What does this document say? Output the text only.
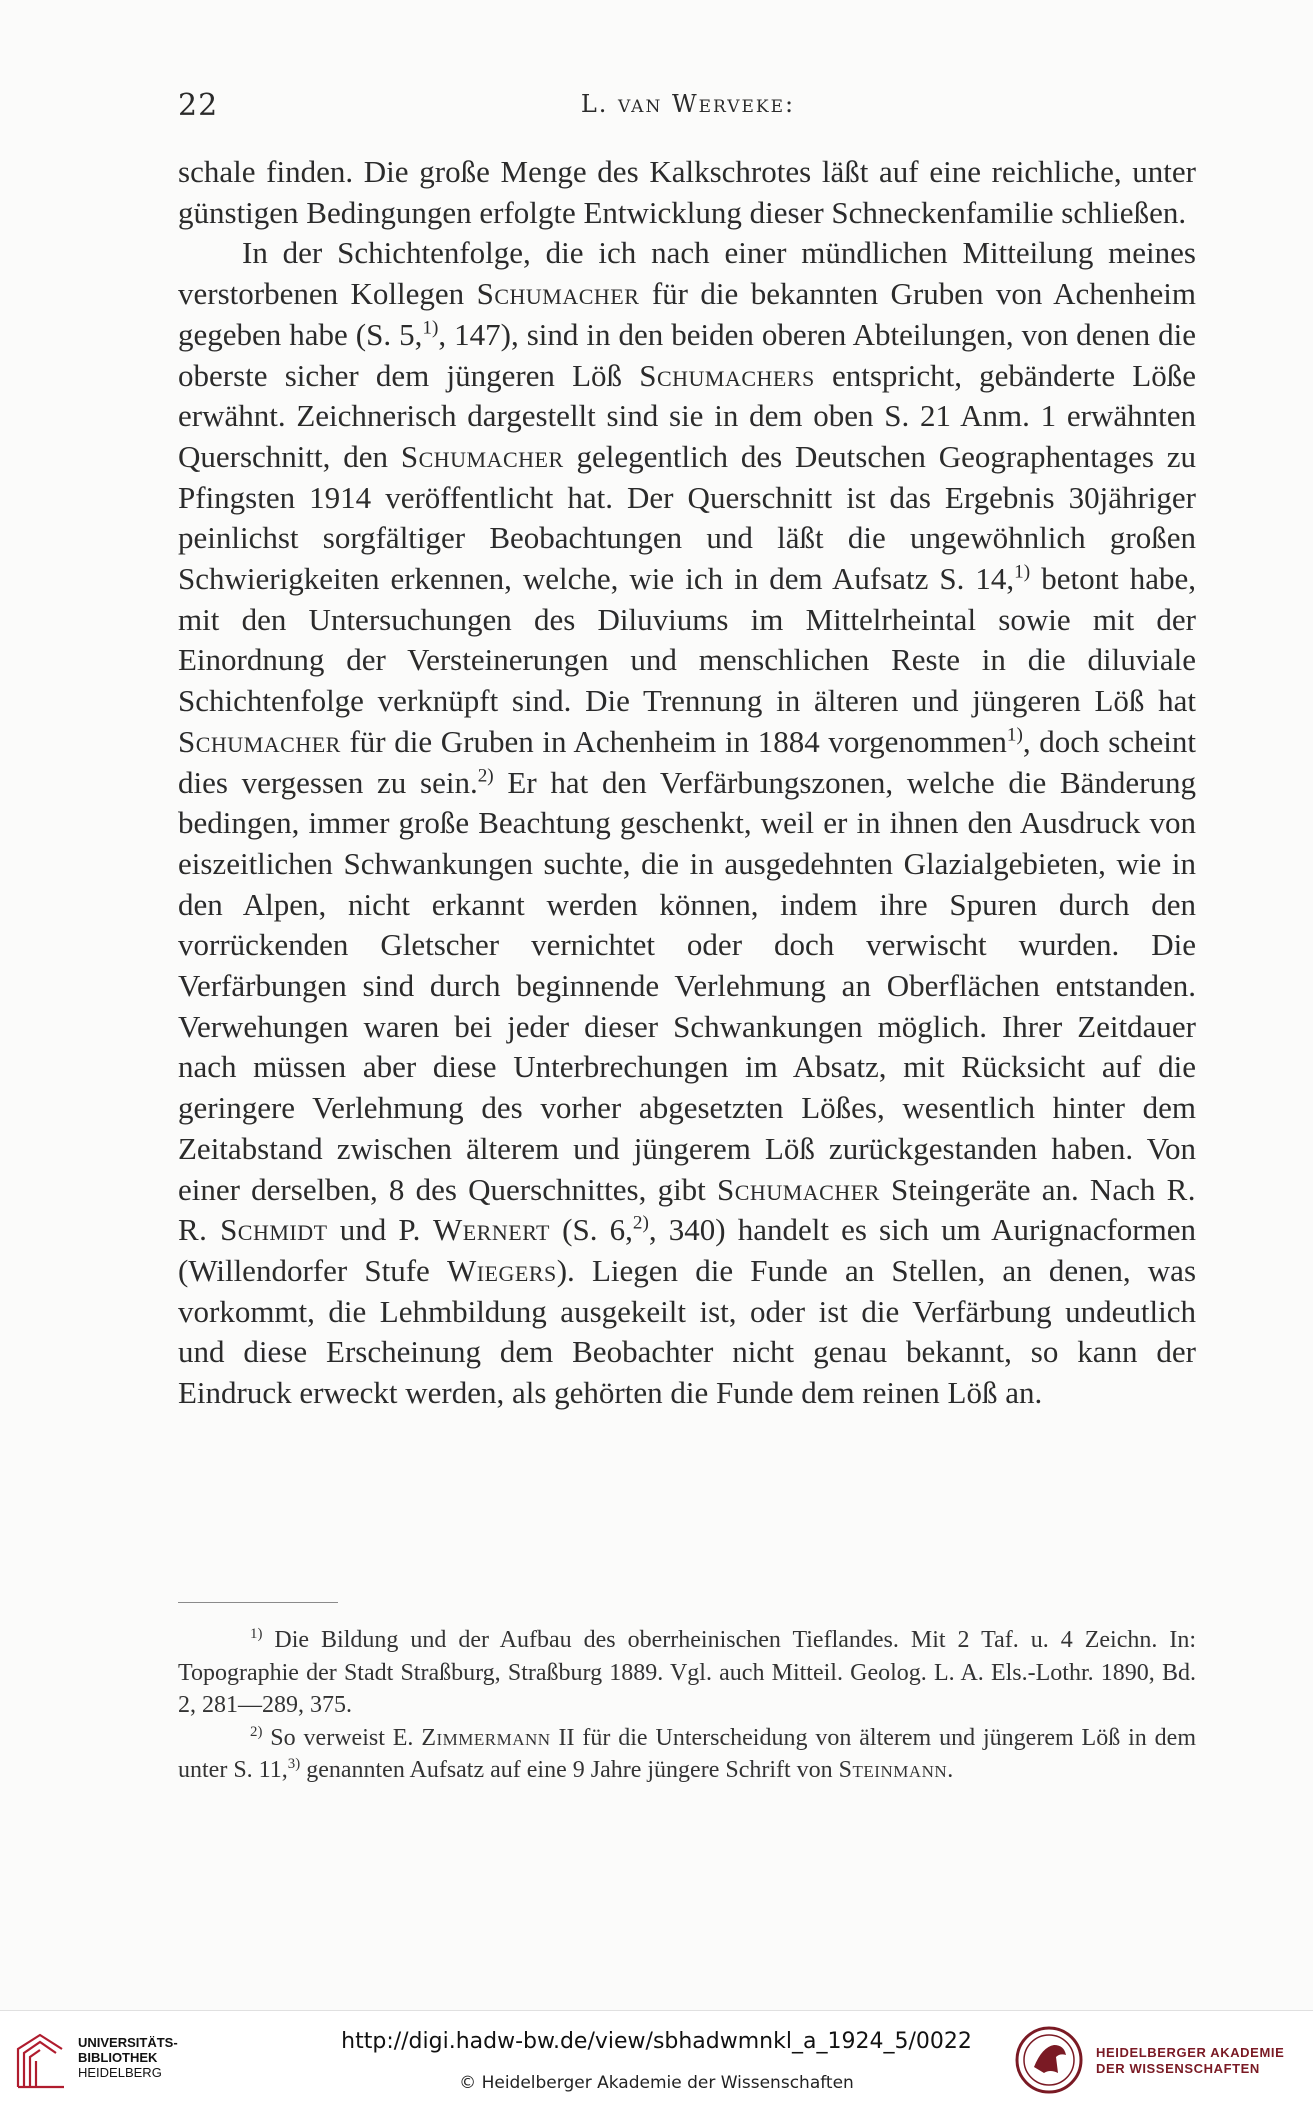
22	L. van Werveke:

schale finden. Die große Menge des Kalkschrotes läßt auf eine reichliche, unter günstigen Bedingungen erfolgte Entwicklung dieser Schneckenfamilie schließen.

In der Schichtenfolge, die ich nach einer mündlichen Mitteilung meines verstorbenen Kollegen Schumacher für die bekannten Gruben von Achenheim gegeben habe (S. 5,$^{1)}$, 147), sind in den beiden oberen Abteilungen, von denen die oberste sicher dem jüngeren Löß Schumachers entspricht, gebänderte Löße erwähnt. Zeichnerisch dargestellt sind sie in dem oben S. 21 Anm. 1 erwähnten Querschnitt, den Schumacher gelegentlich des Deutschen Geographentages zu Pfingsten 1914 veröffentlicht hat. Der Querschnitt ist das Ergebnis 30jähriger peinlichst sorgfältiger Beobachtungen und läßt die ungewöhnlich großen Schwierigkeiten erkennen, welche, wie ich in dem Aufsatz S. 14,$^{1)}$ betont habe, mit den Untersuchungen des Diluviums im Mittelrheintal sowie mit der Einordnung der Versteinerungen und menschlichen Reste in die diluviale Schichtenfolge verknüpft sind. Die Trennung in älteren und jüngeren Löß hat Schumacher für die Gruben in Achenheim in 1884 vorgenommen$^{1)}$, doch scheint dies vergessen zu sein.$^{2)}$ Er hat den Verfärbungszonen, welche die Bänderung bedingen, immer große Beachtung geschenkt, weil er in ihnen den Ausdruck von eiszeitlichen Schwankungen suchte, die in ausgedehnten Glazialgebieten, wie in den Alpen, nicht erkannt werden können, indem ihre Spuren durch den vorrückenden Gletscher vernichtet oder doch verwischt wurden. Die Verfärbungen sind durch beginnende Verlehmung an Oberflächen entstanden. Verwehungen waren bei jeder dieser Schwankungen möglich. Ihrer Zeitdauer nach müssen aber diese Unterbrechungen im Absatz, mit Rücksicht auf die geringere Verlehmung des vorher abgesetzten Lößes, wesentlich hinter dem Zeitabstand zwischen älterem und jüngerem Löß zurückgestanden haben. Von einer derselben, 8 des Querschnittes, gibt Schumacher Steingeräte an. Nach R. R. Schmidt und P. Wernert (S. 6,$^{2)}$, 340) handelt es sich um Aurignacformen (Willendorfer Stufe Wiegers). Liegen die Funde an Stellen, an denen, was vorkommt, die Lehmbildung ausgekeilt ist, oder ist die Verfärbung undeutlich und diese Erscheinung dem Beobachter nicht genau bekannt, so kann der Eindruck erweckt werden, als gehörten die Funde dem reinen Löß an.

$^{1)}$ Die Bildung und der Aufbau des oberrheinischen Tieflandes. Mit 2 Taf. u. 4 Zeichn. In: Topographie der Stadt Straßburg, Straßburg 1889. Vgl. auch Mitteil. Geolog. L. A. Els.-Lothr. 1890, Bd. 2, 281—289, 375.

$^{2)}$ So verweist E. Zimmermann II für die Unterscheidung von älterem und jüngerem Löß in dem unter S. 11,$^{3)}$ genannten Aufsatz auf eine 9 Jahre jüngere Schrift von Steinmann.

UNIVERSITÄTS-
BIBLIOTHEK
HEIDELBERG
http://digi.hadw-bw.de/view/sbhadwmnkl_a_1924_5/0022
© Heidelberger Akademie der Wissenschaften
HEIDELBERGER AKADEMIE
DER WISSENSCHAFTEN
